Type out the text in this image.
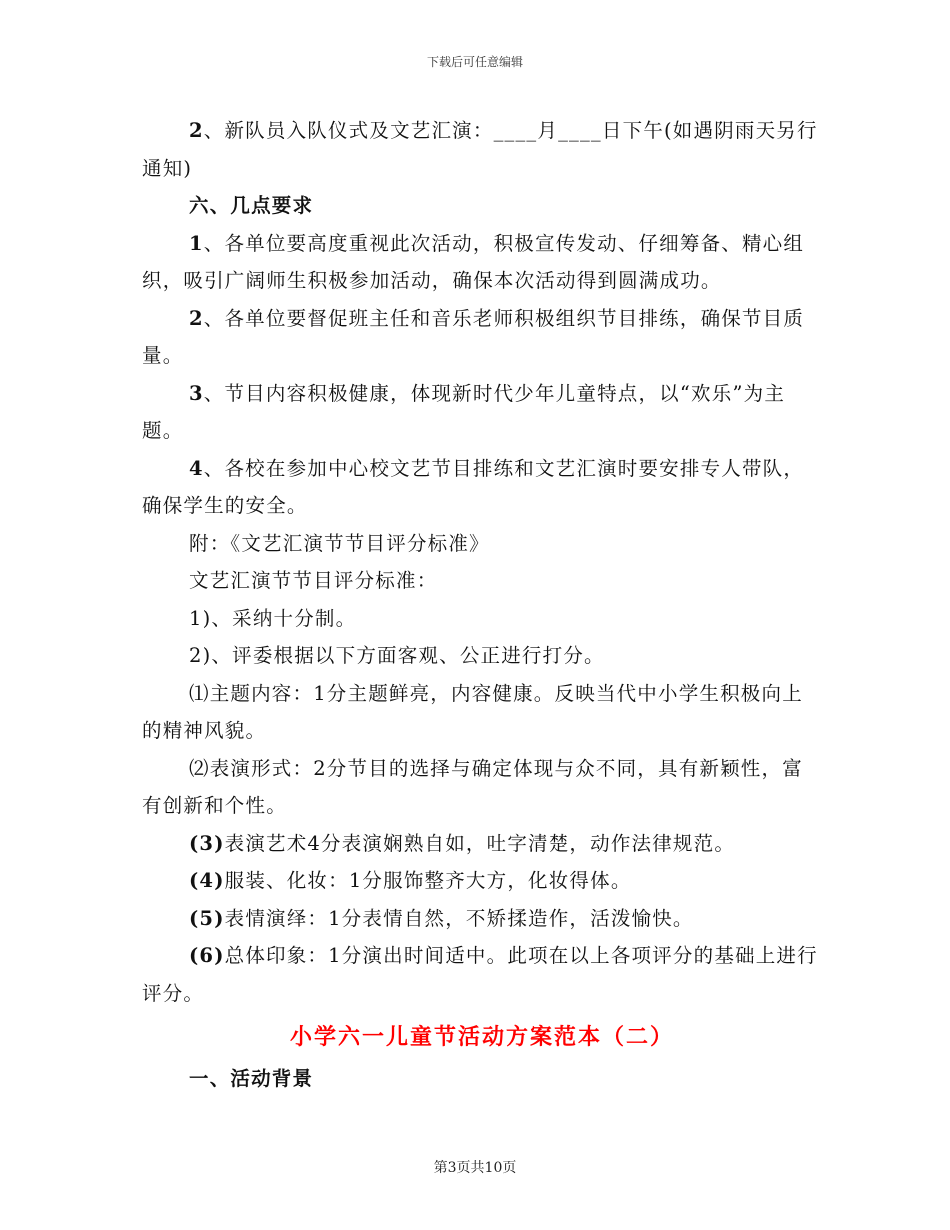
下载后可任意编辑

2、新队员入队仪式及文艺汇演：____月____日下午(如遇阴雨天另行通知)

六、几点要求

1、各单位要高度重视此次活动，积极宣传发动、仔细筹备、精心组织，吸引广阔师生积极参加活动，确保本次活动得到圆满成功。

2、各单位要督促班主任和音乐老师积极组织节目排练，确保节目质量。

3、节目内容积极健康，体现新时代少年儿童特点，以“欢乐”为主题。

4、各校在参加中心校文艺节目排练和文艺汇演时要安排专人带队，确保学生的安全。

附：《文艺汇演节节目评分标准》

文艺汇演节节目评分标准：

1)、采纳十分制。

2)、评委根据以下方面客观、公正进行打分。

⑴主题内容：1分主题鲜亮，内容健康。反映当代中小学生积极向上的精神风貌。

⑵表演形式：2分节目的选择与确定体现与众不同，具有新颖性，富有创新和个性。

(3)表演艺术4分表演娴熟自如，吐字清楚，动作法律规范。

(4)服装、化妆：1分服饰整齐大方，化妆得体。

(5)表情演绎：1分表情自然，不矫揉造作，活泼愉快。

(6)总体印象：1分演出时间适中。此项在以上各项评分的基础上进行评分。

小学六一儿童节活动方案范本（二）

一、活动背景

第3页共10页
